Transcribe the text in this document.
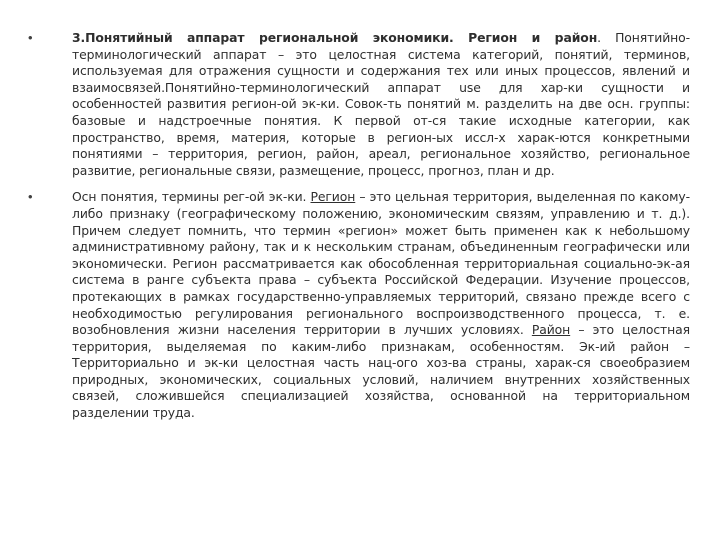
•	3.Понятийный аппарат региональной экономики. Регион и район. Понятийно-терминологический аппарат – это целостная система категорий, понятий, терминов, используемая для отражения сущности и содержания тех или иных процессов, явлений и взаимосвязей.Понятийно-терминологический аппарат use для хар-ки сущности и особенностей развития регион-ой эк-ки. Совок-ть понятий м. разделить на две осн. группы: базовые и надстроечные понятия. К первой от-ся такие исходные категории, как пространство, время, материя, которые в регион-ых иссл-х харак-ются конкретными понятиями – территория, регион, район, ареал, региональное хозяйство, региональное развитие, региональные связи, размещение, процесс, прогноз, план и др.

•	Осн понятия, термины рег-ой эк-ки. Регион – это цельная территория, выделенная по какому-либо признаку (географическому положению, экономическим связям, управлению и т. д.). Причем следует помнить, что термин «регион» может быть применен как к небольшому административному району, так и к нескольким странам, объединенным географически или экономически. Регион рассматривается как обособленная территориальная социально-эк-ая система в ранге субъекта права – субъекта Российской Федерации. Изучение процессов, протекающих в рамках государственно-управляемых территорий, связано прежде всего с необходимостью регулирования регионального воспроизводственного процесса, т. е. возобновления жизни населения территории в лучших условиях. Район – это целостная территория, выделяемая по каким-либо признакам, особенностям. Эк-ий район – Территориально и эк-ки целостная часть нац-ого хоз-ва страны, харак-ся своеобразием природных, экономических, социальных условий, наличием внутренних хозяйственных связей, сложившейся специализацией хозяйства, основанной на территориальном разделении труда.
